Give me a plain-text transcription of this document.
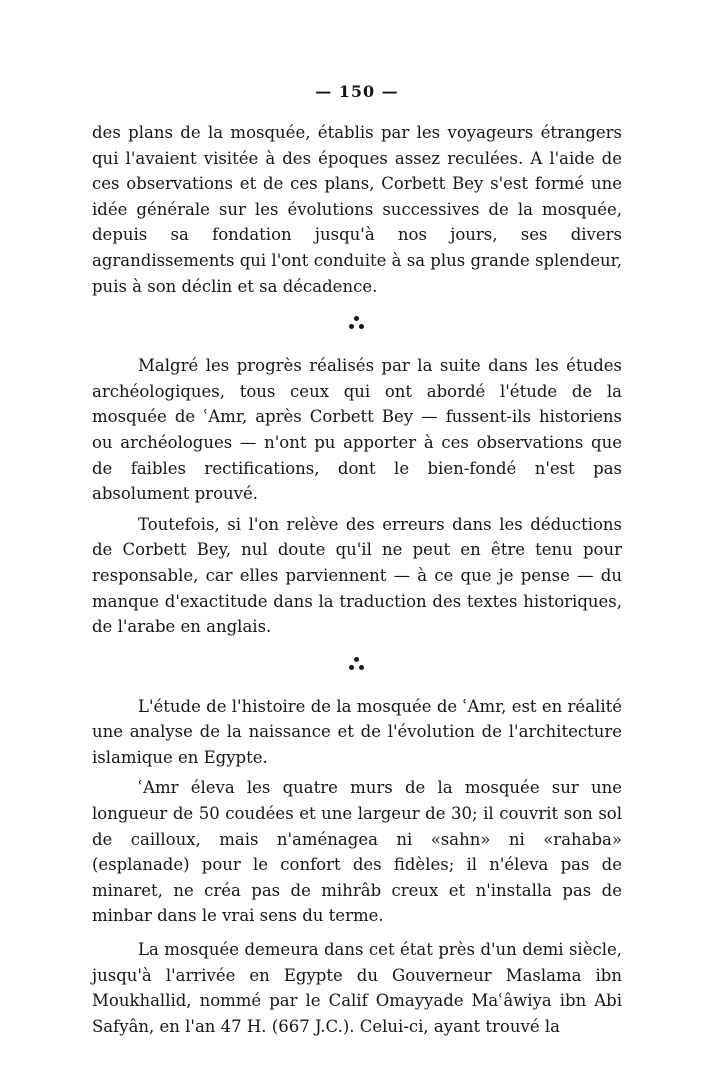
— 150 —

des plans de la mosquée, établis par les voyageurs étrangers qui l'avaient visitée à des époques assez reculées. A l'aide de ces observations et de ces plans, Corbett Bey s'est formé une idée générale sur les évolutions successives de la mosquée, depuis sa fondation jusqu'à nos jours, ses divers agrandissements qui l'ont conduite à sa plus grande splendeur, puis à son déclin et sa décadence.

Malgré les progrès réalisés par la suite dans les études archéologiques, tous ceux qui ont abordé l'étude de la mosquée de ʿAmr, après Corbett Bey — fussent-ils historiens ou archéologues — n'ont pu apporter à ces observations que de faibles rectifications, dont le bien-fondé n'est pas absolument prouvé.

Toutefois, si l'on relève des erreurs dans les déductions de Corbett Bey, nul doute qu'il ne peut en être tenu pour responsable, car elles parviennent — à ce que je pense — du manque d'exactitude dans la traduction des textes historiques, de l'arabe en anglais.

L'étude de l'histoire de la mosquée de ʿAmr, est en réalité une analyse de la naissance et de l'évolution de l'architecture islamique en Egypte.

ʿAmr éleva les quatre murs de la mosquée sur une longueur de 50 coudées et une largeur de 30; il couvrit son sol de cailloux, mais n'aménagea ni «sahn» ni «rahaba» (esplanade) pour le confort des fidèles; il n'éleva pas de minaret, ne créa pas de mihrâb creux et n'installa pas de minbar dans le vrai sens du terme.

La mosquée demeura dans cet état près d'un demi siècle, jusqu'à l'arrivée en Egypte du Gouverneur Maslama ibn Moukhallid, nommé par le Calif Omayyade Maʿâwiya ibn Abi Safyân, en l'an 47 H. (667 J.C.). Celui-ci, ayant trouvé la
